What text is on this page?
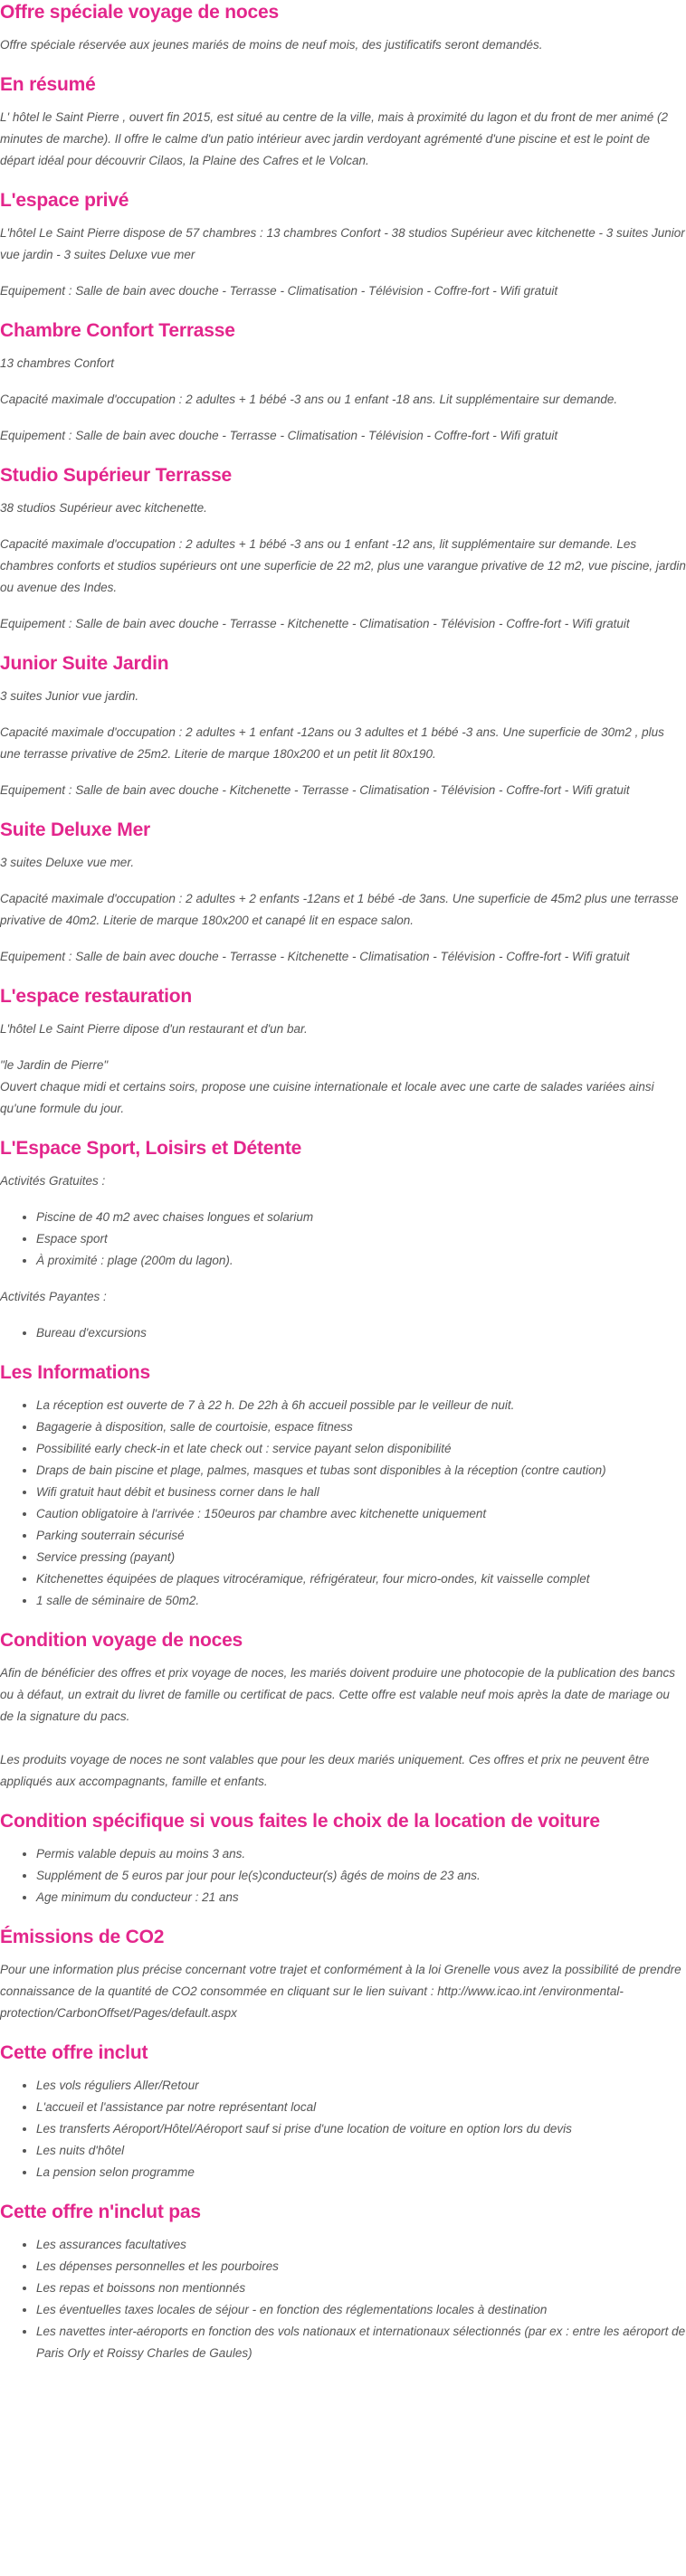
Offre spéciale voyage de noces

Offre spéciale réservée aux jeunes mariés de moins de neuf mois, des justificatifs seront demandés.

En résumé

L' hôtel le Saint Pierre , ouvert fin 2015, est situé au centre de la ville, mais à proximité du lagon et du front de mer animé (2 minutes de marche). Il offre le calme d'un patio intérieur avec jardin verdoyant agrémenté d'une piscine et est le point de départ idéal pour découvrir Cilaos, la Plaine des Cafres et le Volcan.

L'espace privé

L'hôtel Le Saint Pierre dispose de 57 chambres : 13 chambres Confort - 38 studios Supérieur avec kitchenette - 3 suites Junior vue jardin - 3 suites Deluxe vue mer

Equipement : Salle de bain avec douche - Terrasse - Climatisation - Télévision - Coffre-fort - Wifi gratuit

Chambre Confort Terrasse

13 chambres Confort

Capacité maximale d'occupation : 2 adultes + 1 bébé -3 ans ou 1 enfant -18 ans. Lit supplémentaire sur demande.

Equipement : Salle de bain avec douche - Terrasse - Climatisation - Télévision - Coffre-fort - Wifi gratuit

Studio Supérieur Terrasse

38 studios Supérieur avec kitchenette.

Capacité maximale d'occupation : 2 adultes + 1 bébé -3 ans ou 1 enfant -12 ans, lit supplémentaire sur demande. Les chambres conforts et studios supérieurs ont une superficie de 22 m2, plus une varangue privative de 12 m2, vue piscine, jardin ou avenue des Indes.

Equipement : Salle de bain avec douche - Terrasse - Kitchenette - Climatisation - Télévision - Coffre-fort - Wifi gratuit

Junior Suite Jardin

3 suites Junior vue jardin.

Capacité maximale d'occupation : 2 adultes + 1 enfant -12ans ou 3 adultes et 1 bébé -3 ans. Une superficie de 30m2 , plus une terrasse privative de 25m2. Literie de marque 180x200 et un petit lit 80x190.

Equipement : Salle de bain avec douche - Kitchenette - Terrasse - Climatisation - Télévision - Coffre-fort - Wifi gratuit

Suite Deluxe Mer

3 suites Deluxe vue mer.

Capacité maximale d'occupation : 2 adultes + 2 enfants -12ans et 1 bébé -de 3ans. Une superficie de 45m2 plus une terrasse privative de 40m2. Literie de marque 180x200 et canapé lit en espace salon.

Equipement : Salle de bain avec douche - Terrasse - Kitchenette - Climatisation - Télévision - Coffre-fort - Wifi gratuit

L'espace restauration

L'hôtel Le Saint Pierre dipose d'un restaurant et d'un bar.

"le Jardin de Pierre"
Ouvert chaque midi et certains soirs, propose une cuisine internationale et locale avec une carte de salades variées ainsi qu'une formule du jour.

L'Espace Sport, Loisirs et Détente

Activités Gratuites :

• Piscine de 40 m2 avec chaises longues et solarium
• Espace sport
• À proximité : plage (200m du lagon).

Activités Payantes :

• Bureau d'excursions
Les Informations
• La réception est ouverte de 7 à 22 h. De 22h à 6h accueil possible par le veilleur de nuit.
• Bagagerie à disposition, salle de courtoisie, espace fitness
• Possibilité early check-in et late check out : service payant selon disponibilité
• Draps de bain piscine et plage, palmes, masques et tubas sont disponibles à la réception (contre caution)
• Wifi gratuit haut débit et business corner dans le hall
• Caution obligatoire à l'arrivée : 150euros par chambre avec kitchenette uniquement
• Parking souterrain sécurisé
• Service pressing (payant)
• Kitchenettes équipées de plaques vitrocéramique, réfrigérateur, four micro-ondes, kit vaisselle complet
• 1 salle de séminaire de 50m2.
Condition voyage de noces

Afin de bénéficier des offres et prix voyage de noces, les mariés doivent produire une photocopie de la publication des bancs ou à défaut, un extrait du livret de famille ou certificat de pacs. Cette offre est valable neuf mois après la date de mariage ou de la signature du pacs.

Les produits voyage de noces ne sont valables que pour les deux mariés uniquement. Ces offres et prix ne peuvent être appliqués aux accompagnants, famille et enfants.

Condition spécifique si vous faites le choix de la location de voiture
• Permis valable depuis au moins 3 ans.
• Supplément de 5 euros par jour pour le(s)conducteur(s) âgés de moins de 23 ans.
• Age minimum du conducteur : 21 ans
Émissions de CO2

Pour une information plus précise concernant votre trajet et conformément à la loi Grenelle vous avez la possibilité de prendre connaissance de la quantité de CO2 consommée en cliquant sur le lien suivant : http://www.icao.int /environmental-protection/CarbonOffset/Pages/default.aspx

Cette offre inclut
• Les vols réguliers Aller/Retour
• L'accueil et l'assistance par notre représentant local
• Les transferts Aéroport/Hôtel/Aéroport sauf si prise d'une location de voiture en option lors du devis
• Les nuits d'hôtel
• La pension selon programme
Cette offre n'inclut pas
• Les assurances facultatives
• Les dépenses personnelles et les pourboires
• Les repas et boissons non mentionnés
• Les éventuelles taxes locales de séjour - en fonction des réglementations locales à destination
• Les navettes inter-aéroports en fonction des vols nationaux et internationaux sélectionnés (par ex : entre les aéroport de Paris Orly et Roissy Charles de Gaules)
